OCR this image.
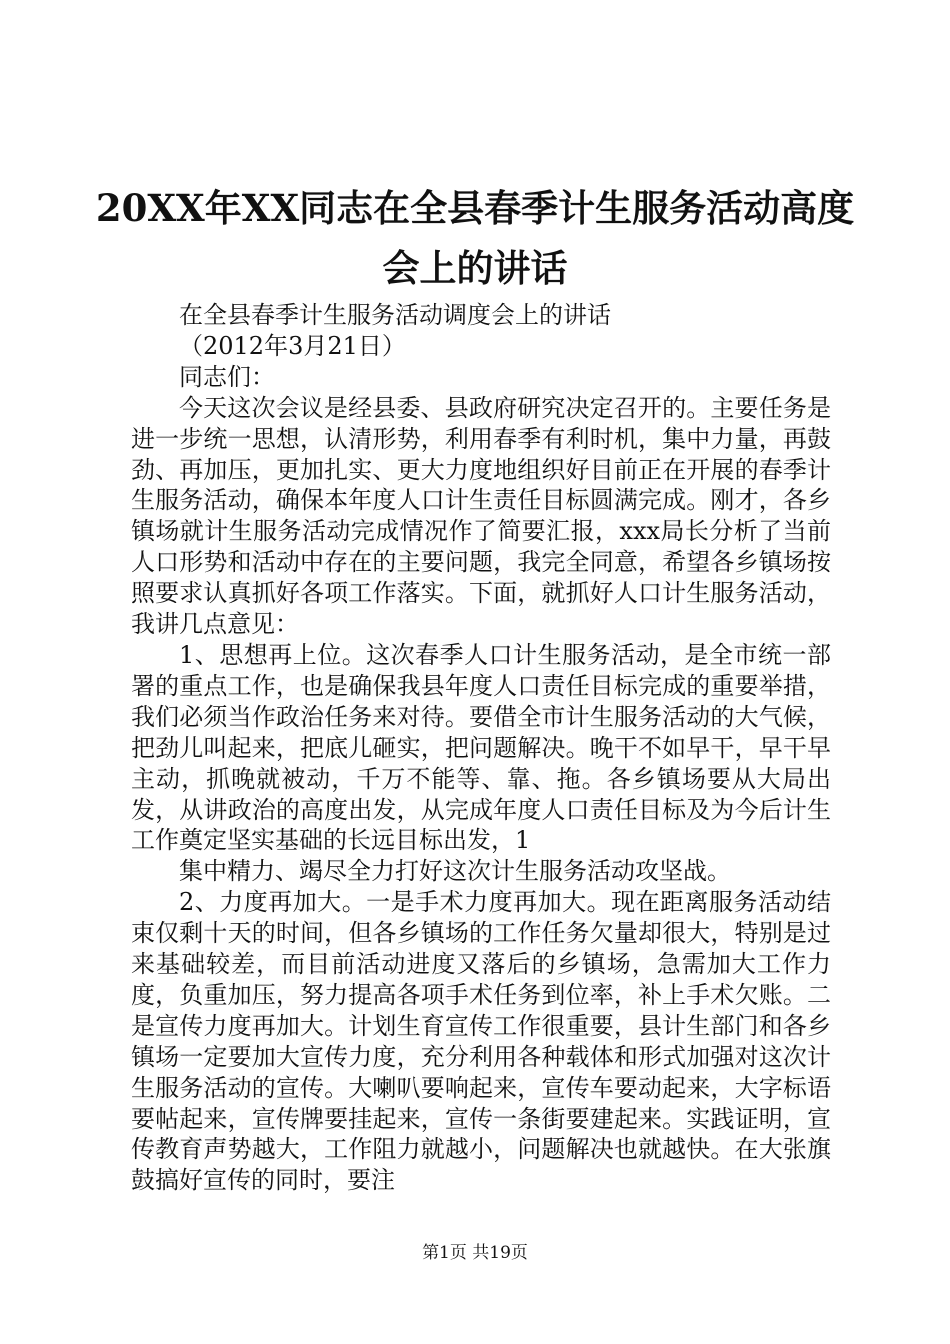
20XX年XX同志在全县春季计生服务活动高度
会上的讲话

在全县春季计生服务活动调度会上的讲话

（2012年3月21日）

同志们：

今天这次会议是经县委、县政府研究决定召开的。主要任务是进一步统一思想，认清形势，利用春季有利时机，集中力量，再鼓劲、再加压，更加扎实、更大力度地组织好目前正在开展的春季计生服务活动，确保本年度人口计生责任目标圆满完成。刚才，各乡镇场就计生服务活动完成情况作了简要汇报，xxx局长分析了当前人口形势和活动中存在的主要问题，我完全同意，希望各乡镇场按照要求认真抓好各项工作落实。下面，就抓好人口计生服务活动，我讲几点意见：

1、思想再上位。这次春季人口计生服务活动，是全市统一部署的重点工作，也是确保我县年度人口责任目标完成的重要举措，我们必须当作政治任务来对待。要借全市计生服务活动的大气候，把劲儿叫起来，把底儿砸实，把问题解决。晚干不如早干，早干早主动，抓晚就被动，千万不能等、靠、拖。各乡镇场要从大局出发，从讲政治的高度出发，从完成年度人口责任目标及为今后计生工作奠定坚实基础的长远目标出发，1

集中精力、竭尽全力打好这次计生服务活动攻坚战。

2、力度再加大。一是手术力度再加大。现在距离服务活动结束仅剩十天的时间，但各乡镇场的工作任务欠量却很大，特别是过来基础较差，而目前活动进度又落后的乡镇场，急需加大工作力度，负重加压，努力提高各项手术任务到位率，补上手术欠账。二是宣传力度再加大。计划生育宣传工作很重要，县计生部门和各乡镇场一定要加大宣传力度，充分利用各种载体和形式加强对这次计生服务活动的宣传。大喇叭要响起来，宣传车要动起来，大字标语要帖起来，宣传牌要挂起来，宣传一条街要建起来。实践证明，宣传教育声势越大，工作阻力就越小，问题解决也就越快。在大张旗鼓搞好宣传的同时，要注

第1页 共19页
